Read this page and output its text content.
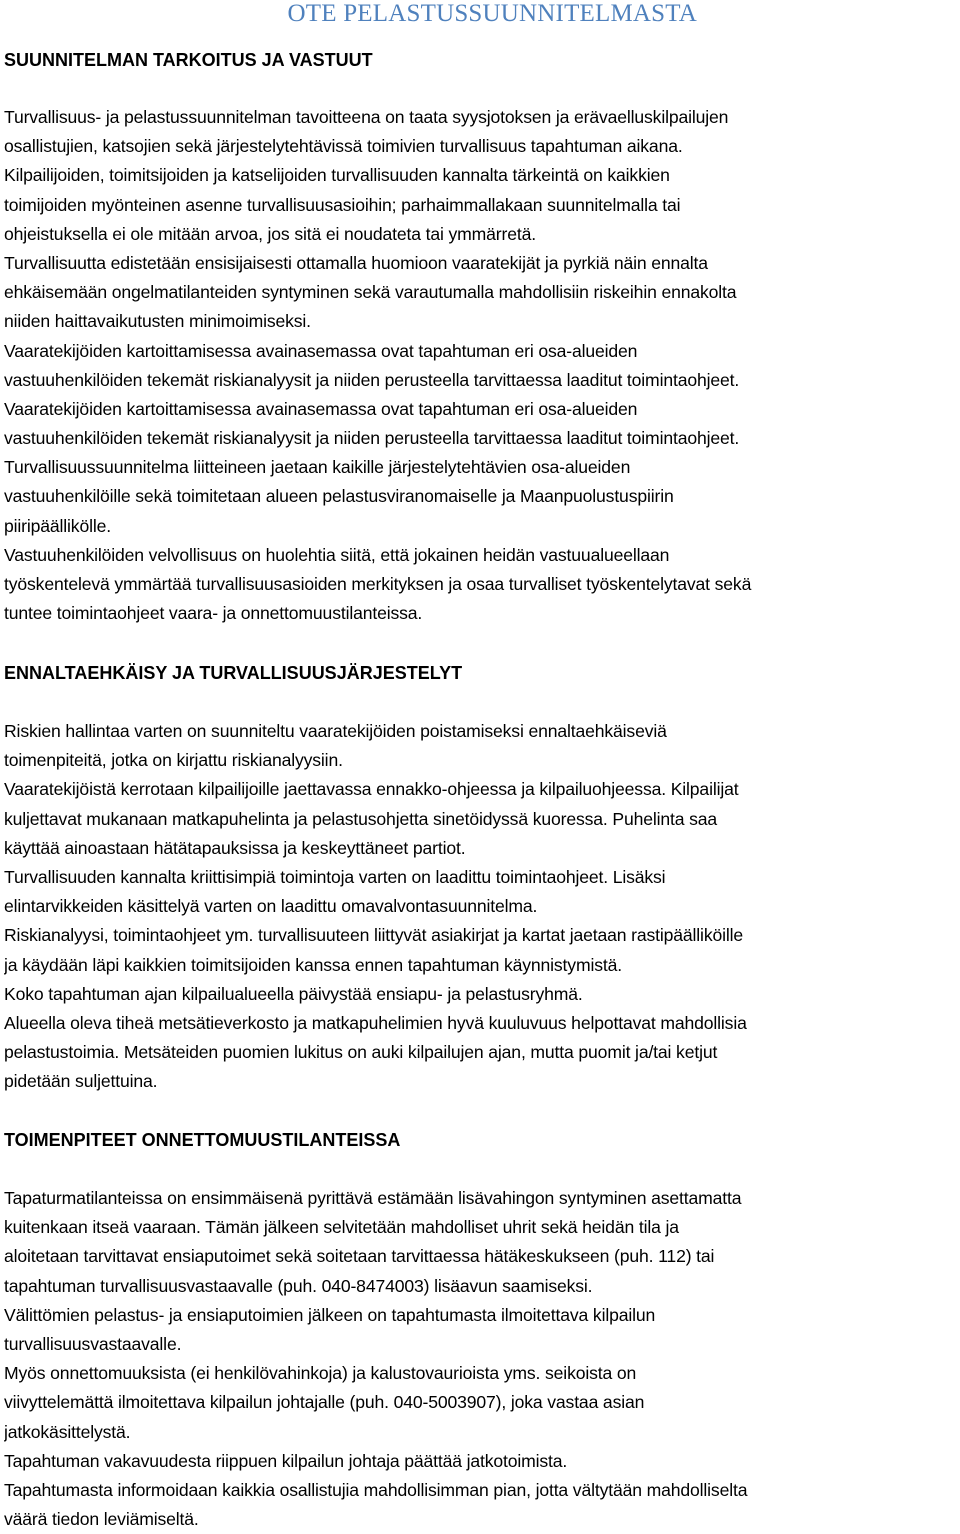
OTE PELASTUSSUUNNITELMASTA
SUUNNITELMAN TARKOITUS JA VASTUUT
Turvallisuus- ja pelastussuunnitelman tavoitteena on taata syysjotoksen ja erävaelluskilpailujen
osallistujien, katsojien sekä järjestelytehtävissä toimivien turvallisuus tapahtuman aikana.
Kilpailijoiden, toimitsijoiden ja katselijoiden turvallisuuden kannalta tärkeintä on kaikkien
toimijoiden myönteinen asenne turvallisuusasioihin; parhaimmallakaan suunnitelmalla tai
ohjeistuksella ei ole mitään arvoa, jos sitä ei noudateta tai ymmärretä.
Turvallisuutta edistetään ensisijaisesti ottamalla huomioon vaaratekijät ja pyrkiä näin ennalta
ehkäisemään ongelmatilanteiden syntyminen sekä varautumalla mahdollisiin riskeihin ennakolta
niiden haittavaikutusten minimoimiseksi.
Vaaratekijöiden kartoittamisessa avainasemassa ovat tapahtuman eri osa-alueiden
vastuuhenkilöiden tekemät riskianalyysit ja niiden perusteella tarvittaessa laaditut toimintaohjeet.
Vaaratekijöiden kartoittamisessa avainasemassa ovat tapahtuman eri osa-alueiden
vastuuhenkilöiden tekemät riskianalyysit ja niiden perusteella tarvittaessa laaditut toimintaohjeet.
Turvallisuussuunnitelma liitteineen jaetaan kaikille järjestelytehtävien osa-alueiden
vastuuhenkilöille sekä toimitetaan alueen pelastusviranomaiselle ja Maanpuolustuspiirin
piiripäällikölle.
Vastuuhenkilöiden velvollisuus on huolehtia siitä, että jokainen heidän vastuualueellaan
työskentelevä ymmärtää turvallisuusasioiden merkityksen ja osaa turvalliset työskentelytavat sekä
tuntee toimintaohjeet vaara- ja onnettomuustilanteissa.
ENNALTAEHKÄISY JA TURVALLISUUSJÄRJESTELYT
Riskien hallintaa varten on suunniteltu vaaratekijöiden poistamiseksi ennaltaehkäiseviä
toimenpiteitä, jotka on kirjattu riskianalyysiin.
Vaaratekijöistä kerrotaan kilpailijoille jaettavassa ennakko-ohjeessa ja kilpailuohjeessa. Kilpailijat
kuljettavat mukanaan matkapuhelinta ja pelastusohjetta sinetöidyssä kuoressa. Puhelinta saa
käyttää ainoastaan hätätapauksissa ja keskeyttäneet partiot.
Turvallisuuden kannalta kriittisimpiä toimintoja varten on laadittu toimintaohjeet. Lisäksi
elintarvikkeiden käsittelyä varten on laadittu omavalvontasuunnitelma.
Riskianalyysi, toimintaohjeet ym. turvallisuuteen liittyvät asiakirjat ja kartat jaetaan rastipäälliköille
ja käydään läpi kaikkien toimitsijoiden kanssa ennen tapahtuman käynnistymistä.
Koko tapahtuman ajan kilpailualueella päivystää ensiapu- ja pelastusryhmä.
Alueella oleva tiheä metsätieverkosto ja matkapuhelimien hyvä kuuluvuus helpottavat mahdollisia
pelastustoimia. Metsäteiden puomien lukitus on auki kilpailujen ajan, mutta puomit ja/tai ketjut
pidetään suljettuina.
TOIMENPITEET ONNETTOMUUSTILANTEISSA
Tapaturmatilanteissa on ensimmäisenä pyrittävä estämään lisävahingon syntyminen asettamatta
kuitenkaan itseä vaaraan. Tämän jälkeen selvitetään mahdolliset uhrit sekä heidän tila ja
aloitetaan tarvittavat ensiaputoimet sekä soitetaan tarvittaessa hätäkeskukseen (puh. 112) tai
tapahtuman turvallisuusvastaavalle (puh. 040-8474003) lisäavun saamiseksi.
Välittömien pelastus- ja ensiaputoimien jälkeen on tapahtumasta ilmoitettava kilpailun
turvallisuusvastaavalle.
Myös onnettomuuksista (ei henkilövahinkoja) ja kalustovaurioista yms. seikoista on
viivyttelemättä ilmoitettava kilpailun johtajalle (puh. 040-5003907), joka vastaa asian
jatkokäsittelystä.
Tapahtuman vakavuudesta riippuen kilpailun johtaja päättää jatkotoimista.
Tapahtumasta informoidaan kaikkia osallistujia mahdollisimman pian, jotta vältytään mahdolliselta
väärä tiedon leviämiseltä.
